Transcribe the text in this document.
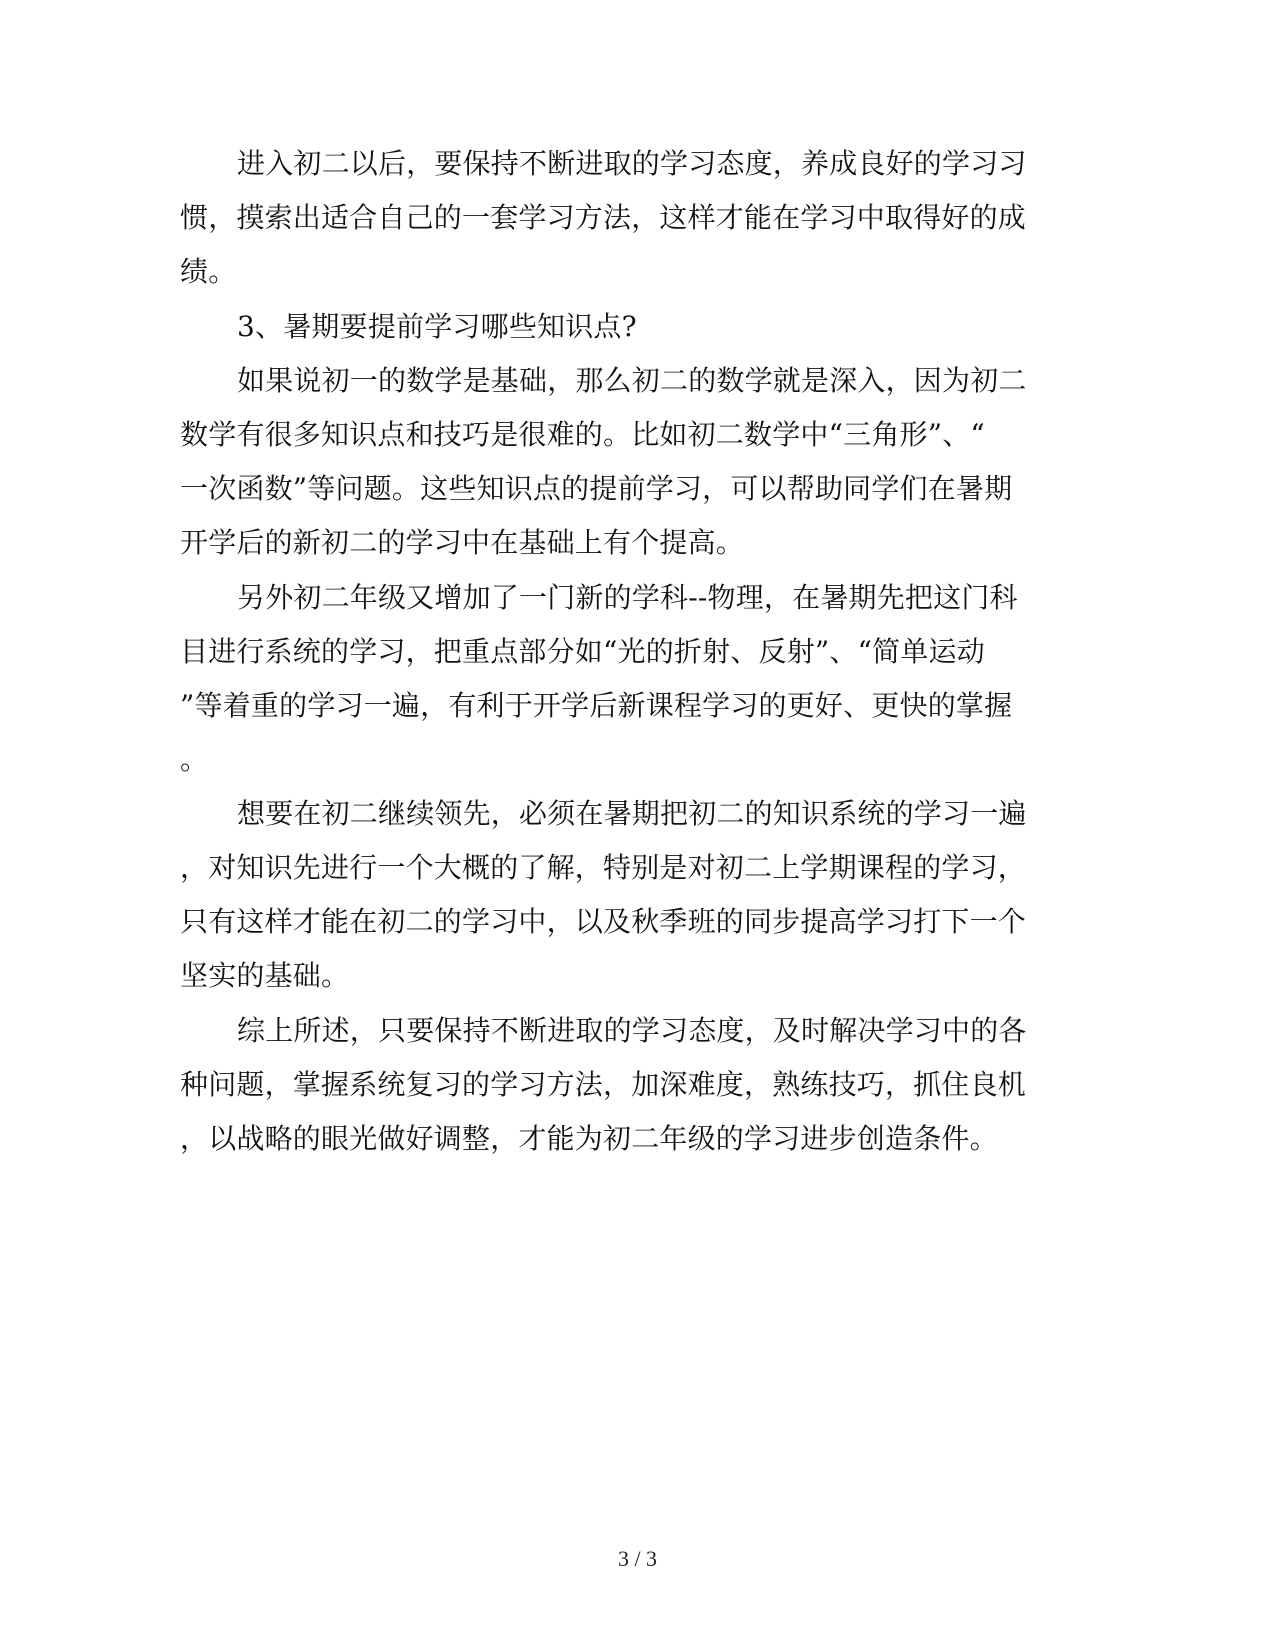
进入初二以后，要保持不断进取的学习态度，养成良好的学习习
惯，摸索出适合自己的一套学习方法，这样才能在学习中取得好的成
绩。
3、暑期要提前学习哪些知识点?
如果说初一的数学是基础，那么初二的数学就是深入，因为初二
数学有很多知识点和技巧是很难的。比如初二数学中“三角形”、“
一次函数”等问题。这些知识点的提前学习，可以帮助同学们在暑期
开学后的新初二的学习中在基础上有个提高。
另外初二年级又增加了一门新的学科--物理，在暑期先把这门科
目进行系统的学习，把重点部分如“光的折射、反射”、“简单运动
”等着重的学习一遍，有利于开学后新课程学习的更好、更快的掌握
。
想要在初二继续领先，必须在暑期把初二的知识系统的学习一遍
，对知识先进行一个大概的了解，特别是对初二上学期课程的学习，
只有这样才能在初二的学习中，以及秋季班的同步提高学习打下一个
坚实的基础。
综上所述，只要保持不断进取的学习态度，及时解决学习中的各
种问题，掌握系统复习的学习方法，加深难度，熟练技巧，抓住良机
，以战略的眼光做好调整，才能为初二年级的学习进步创造条件。
3 / 3
